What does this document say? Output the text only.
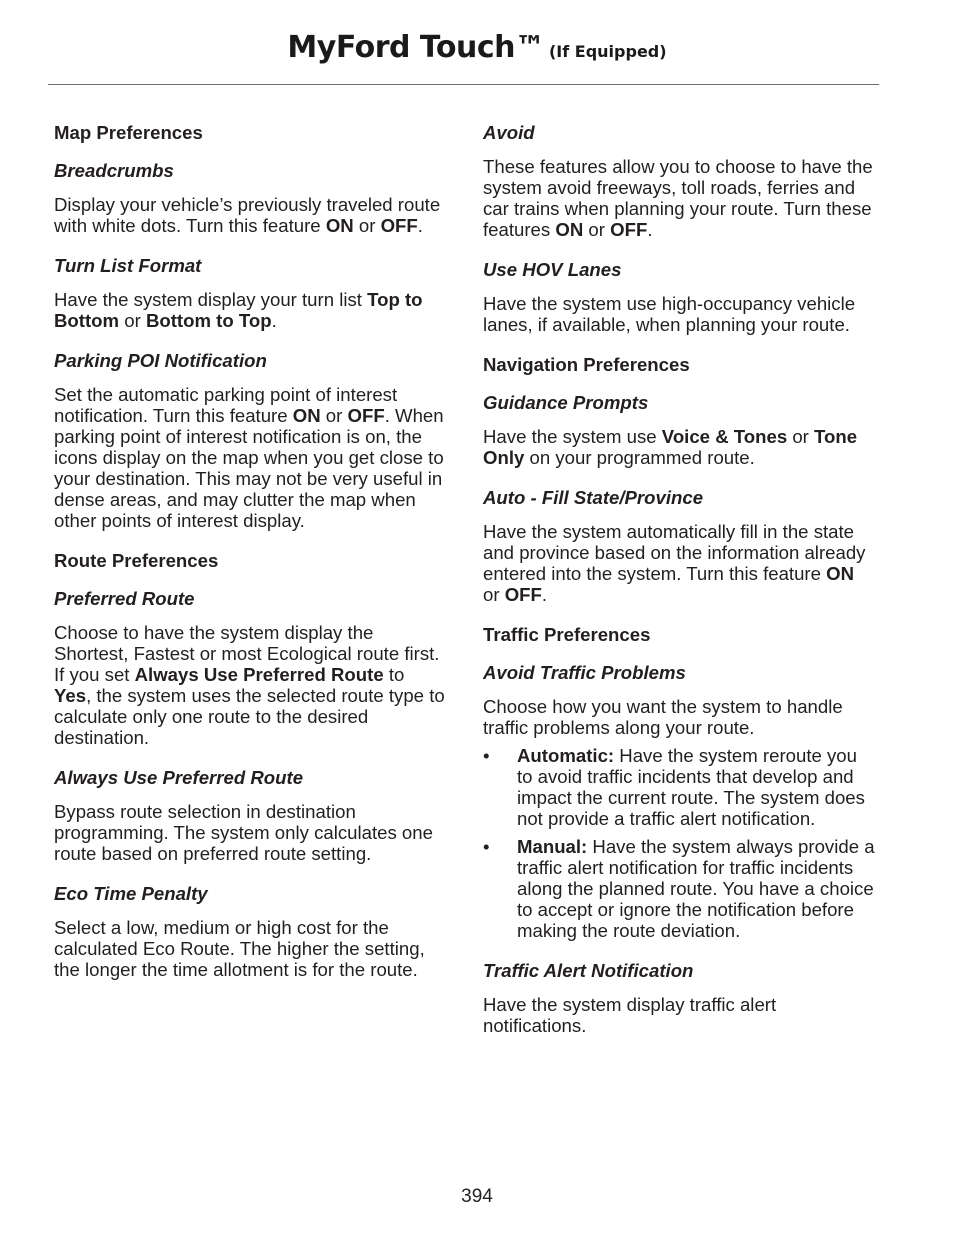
MyFord Touch™ (If Equipped)
Map Preferences
Breadcrumbs

Display your vehicle’s previously traveled route with white dots. Turn this feature ON or OFF.

Turn List Format

Have the system display your turn list Top to Bottom or Bottom to Top.

Parking POI Notification

Set the automatic parking point of interest notification. Turn this feature ON or OFF. When parking point of interest notification is on, the icons display on the map when you get close to your destination. This may not be very useful in dense areas, and may clutter the map when other points of interest display.

Route Preferences
Preferred Route

Choose to have the system display the Shortest, Fastest or most Ecological route first. If you set Always Use Preferred Route to Yes, the system uses the selected route type to calculate only one route to the desired destination.

Always Use Preferred Route

Bypass route selection in destination programming. The system only calculates one route based on preferred route setting.

Eco Time Penalty

Select a low, medium or high cost for the calculated Eco Route. The higher the setting, the longer the time allotment is for the route.

Avoid

These features allow you to choose to have the system avoid freeways, toll roads, ferries and car trains when planning your route. Turn these features ON or OFF.

Use HOV Lanes

Have the system use high-occupancy vehicle lanes, if available, when planning your route.

Navigation Preferences
Guidance Prompts

Have the system use Voice & Tones or Tone Only on your programmed route.

Auto - Fill State/Province

Have the system automatically fill in the state and province based on the information already entered into the system. Turn this feature ON or OFF.

Traffic Preferences
Avoid Traffic Problems

Choose how you want the system to handle traffic problems along your route.

• Automatic: Have the system reroute you to avoid traffic incidents that develop and impact the current route. The system does not provide a traffic alert notification.
• Manual: Have the system always provide a traffic alert notification for traffic incidents along the planned route. You have a choice to accept or ignore the notification before making the route deviation.
Traffic Alert Notification

Have the system display traffic alert notifications.

394
